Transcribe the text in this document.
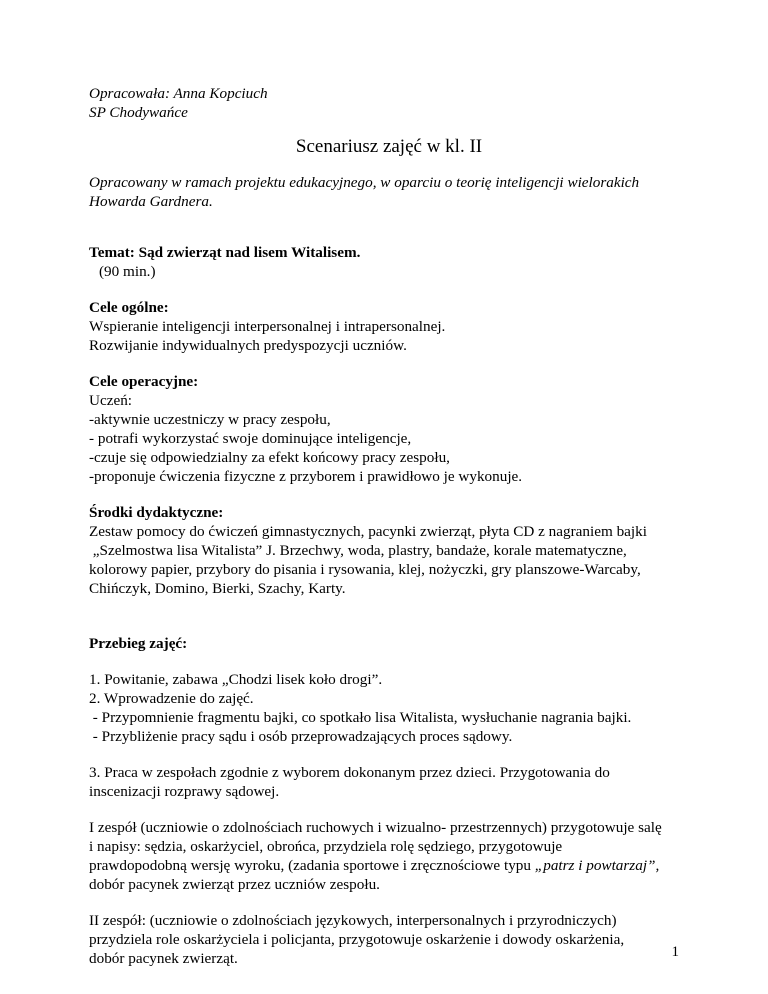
Opracowała: Anna Kopciuch
SP Chodywańce

Scenariusz zajęć w kl. II

Opracowany w ramach projektu edukacyjnego, w oparciu o teorię inteligencji wielorakich
Howarda Gardnera.

Temat: Sąd zwierząt nad lisem Witalisem.
(90 min.)

Cele ogólne:
Wspieranie inteligencji interpersonalnej i intrapersonalnej.
Rozwijanie indywidualnych predyspozycji uczniów.

Cele operacyjne:
Uczeń:
-aktywnie uczestniczy w pracy zespołu,
- potrafi wykorzystać swoje dominujące inteligencje,
-czuje się odpowiedzialny za efekt końcowy pracy zespołu,
-proponuje ćwiczenia fizyczne z przyborem i prawidłowo je wykonuje.

Środki dydaktyczne:
Zestaw pomocy do ćwiczeń gimnastycznych, pacynki zwierząt, płyta CD z nagraniem bajki
„Szelmostwa lisa Witalista” J. Brzechwy, woda, plastry, bandaże, korale matematyczne,
kolorowy papier, przybory do pisania i rysowania, klej, nożyczki, gry planszowe-Warcaby,
Chińczyk, Domino, Bierki, Szachy, Karty.

Przebieg zajęć:

1. Powitanie, zabawa „Chodzi lisek koło drogi”.
2. Wprowadzenie do zajęć.
- Przypomnienie fragmentu bajki, co spotkało lisa Witalista, wysłuchanie nagrania bajki.
- Przybliżenie pracy sądu i osób przeprowadzających proces sądowy.

3. Praca w zespołach zgodnie z wyborem dokonanym przez dzieci. Przygotowania do
inscenizacji rozprawy sądowej.

I zespół (uczniowie o zdolnościach ruchowych i wizualno- przestrzennych) przygotowuje salę
i napisy: sędzia, oskarżyciel, obrońca, przydziela rolę sędziego, przygotowuje
prawdopodobną wersję wyroku, (zadania sportowe i zręcznościowe typu „patrz i powtarzaj”,
dobór pacynek zwierząt przez uczniów zespołu.

II zespół: (uczniowie o zdolnościach językowych, interpersonalnych i przyrodniczych)
przydziela role oskarżyciela i policjanta, przygotowuje oskarżenie i dowody oskarżenia,
dobór pacynek zwierząt.	1
